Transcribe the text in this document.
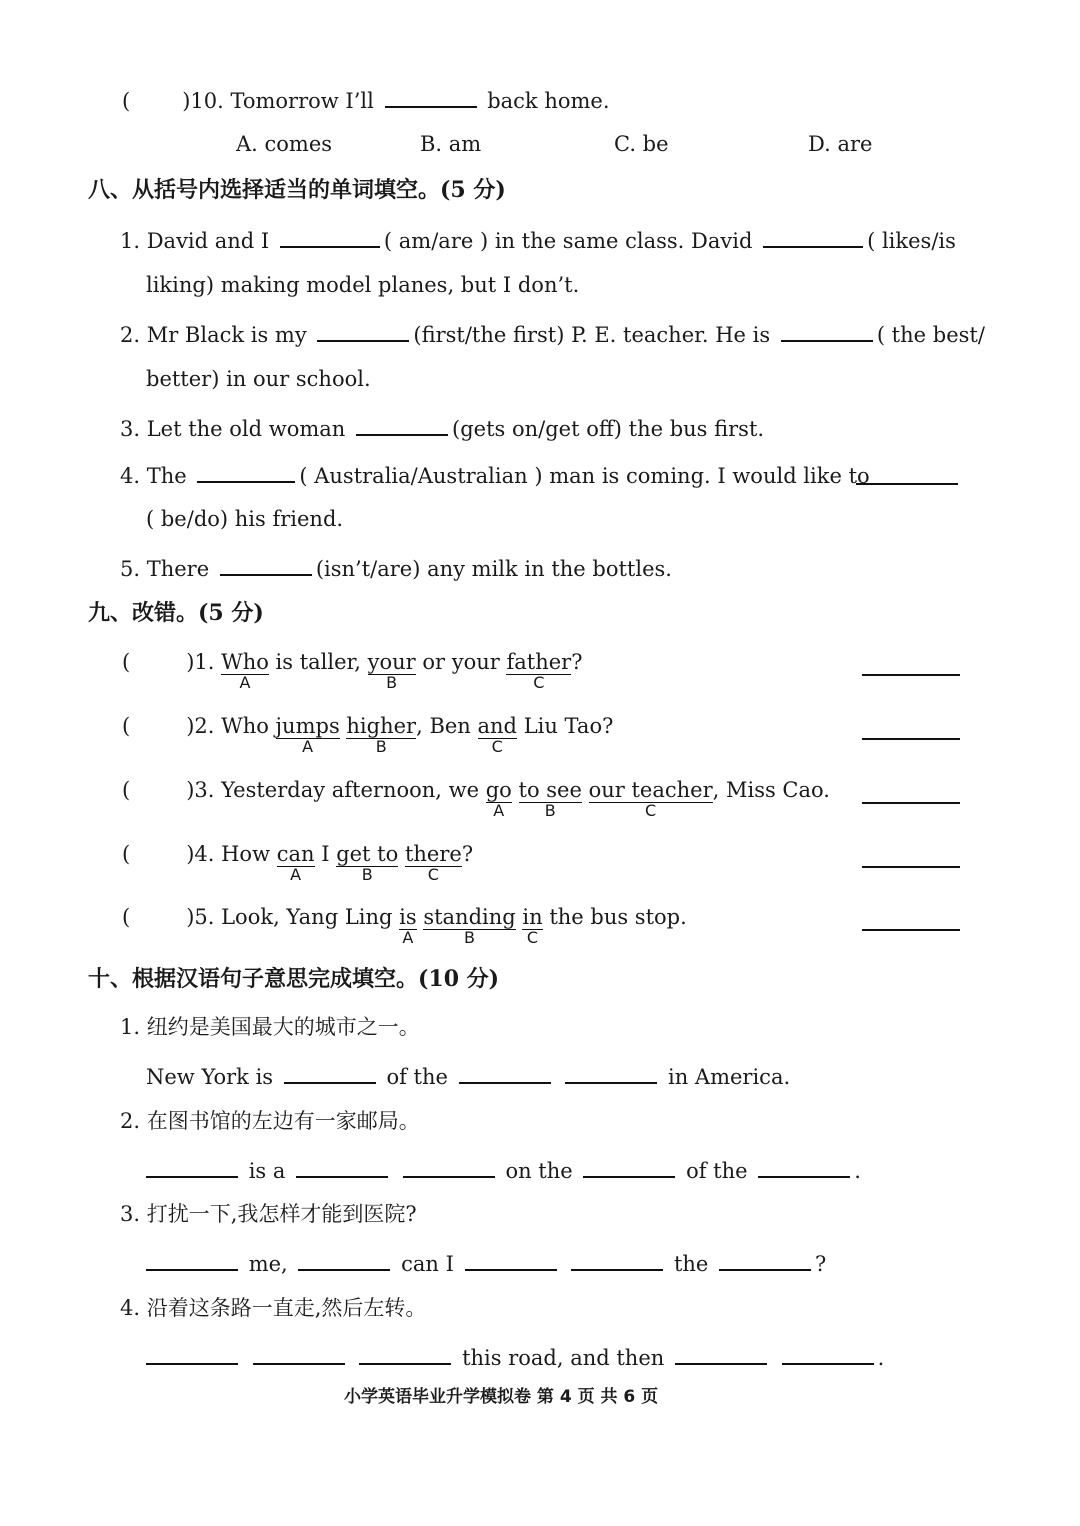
( )10. Tomorrow I’ll	back home.
A. comes	B. am	C. be	D. are
八、从括号内选择适当的单词填空。(5 分)
1. David and I	( am/are ) in the same class. David	( likes/is
liking) making model planes, but I don’t.
2. Mr Black is my	(first/the first) P. E. teacher. He is	( the best/
better) in our school.
3. Let the old woman	(gets on/get off) the bus first.
4. The	( Australia/Australian ) man is coming. I would like to
( be/do) his friend.
5. There	(isn’t/are) any milk in the bottles.
九、改错。(5 分)
(	)1. Who
A
is taller, your
B
or your father
C
?
(	)2. Who jumps
A
higher
B
, Ben and
C
Liu Tao?
(	)3. Yesterday afternoon, we go
A
to see
B
our teacher
C
, Miss Cao.
(	)4. How can
A
I get to
B
there
C
?
(	)5. Look, Yang Ling is
A
standing
B
in
C
the bus stop.
十、根据汉语句子意思完成填空。(10 分)
1. 纽约是美国最大的城市之一。
New York is	of the	in America.
2. 在图书馆的左边有一家邮局。
is a	on the	of the	.
3. 打扰一下,我怎样才能到医院?
me,	can I	the	?
4. 沿着这条路一直走,然后左转。
this road, and then	.
小学英语毕业升学模拟卷 第 4 页 共 6 页
